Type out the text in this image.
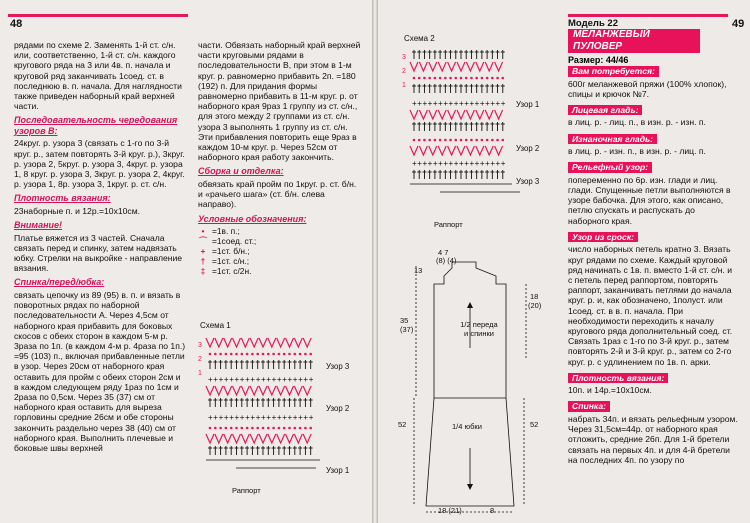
48

рядами по схеме 2. Заменять 1-й ст. с/н. или, соответственно, 1-й ст. с/н. каждого кругового ряда на 3 или 4в. п. начала и круговой ряд заканчивать 1соед. ст. в последнюю в. п. начала. Для наглядности также приведен наборный край верхней части.

Последовательность чередования узоров В:

24круг. р. узора 3 (связать с 1-го по 3-й круг. р., затем повторять 3-й круг. р.), 3круг. р. узора 2, 5круг. р. узора 3, 4круг. р. узора 1, 8 круг. р. узора 3, 3круг. р. узора 2, 4круг. р. узора 1, 8р. узора 3, 1круг. р. ст. с/н.

Плотность вязания:

23наборные п. и 12р.=10х10см.

Внимание!

Платье вяжется из 3 частей. Сначала связать перед и спинку, затем надвязать юбку. Стрелки на выкройке - направление вязания.

Спинка/перед/юбка:

связать цепочку из 89 (95) в. п. и вязать в поворотных рядах по наборной последовательности А. Через 4,5см от наборного края прибавить для боковых скосов с обеих сторон в каждом 5-м р. 3раза по 1п. (в каждом 4-м р. 4раза по 1п.) =95 (103) п., включая прибавленные петли в узор. Через 20см от наборного края оставить для пройм с обеих сторон 2см и в каждом следующем ряду 1раз по 1см и 2раза по 0,5см. Через 35 (37) см от наборного края оставить для выреза горловины средние 26см и обе стороны закончить раздельно через 38 (40) см от наборного края. Выполнить плечевые и боковые швы верхней

части. Обвязать наборный край верхней части круговыми рядами в последовательности В, при этом в 1-м круг. р. равномерно прибавить 2п. =180 (192) п. Для придания формы равномерно прибавить в 11-м круг. р. от наборного края 9раз 1 группу из ст. с/н., для этого между 2 группами из ст. с/н. узора 3 выполнять 1 группу из ст. с/н. Эти прибавления повторить еще 9раз в каждом 10-м круг. р. Через 52см от наборного края работу закончить.

Сборка и отделка:

обвязать край пройм по 1круг. р. ст. б/н. и «рачьего шага» (ст. б/н. слева направо).

Условные обозначения:
• =1в. п.;
⌒ =1соед. ст.;
+ =1ст. б/н.;
† =1ст. с/н.;
‡ =1ст. с/2н.
Схема 1
+ + + + + + + + + + + + + + + + + + + +
+ + + + + + + + + + + + + + + + + + + +
3
2
1
Узор 3
Узор 2
Узор 1
Раппорт
49
Схема 2
+ + + + + + + + + + + + + + + + + +
+ + + + + + + + + + + + + + + + + +
3
2
1
Узор 1
Узор 2
Узор 3
Раппорт
4 7
(8) (4)
13
35
(37)
18
(20)
1/2 переда и спинки
1/4 юбки
52	52
18 (21)	8
Модель 22
МЕЛАНЖЕВЫЙ ПУЛОВЕР
Размер: 44/46
Вам потребуется:

600г меланжевой пряжи (100% хлопок), спицы и крючок №7.

Лицевая гладь:

в лиц. р. - лиц. п., в изн. р. - изн. п.

Изнаночная гладь:

в лиц. р. - изн. п., в изн. р. - лиц. п.

Рельефный узор:

попеременно по 6р. изн. глади и лиц. глади. Спущенные петли выполняются в узоре бабочка. Для этого, как описано, петлю спускать и распускать до наборного края.

Узор из сроск:

число наборных петель кратно 3. Вязать круг рядами по схеме. Каждый круговой ряд начинать с 1в. п. вместо 1-й ст. с/н. и с петель перед раппортом, повторять раппорт, заканчивать петлями до начала круг. р. и, как обозначено, 1полуст. или 1соед. ст. в в. п. начала. При необходимости переходить к началу кругового ряда дополнительный соед. ст. Связать 1раз с 1-го по 3-й круг. р., затем повторять 2-й и 3-й круг. р., затем со 2-го круг. р. с удлинением по 1в. п. арки.

Плотность вязания:

10п. и 14р.=10х10см.

Спинка:

набрать 34п. и вязать рельефным узором. Через 31,5см=44р. от наборного края отложить, средние 26п. Для 1-й бретели связать на первых 4п. и для 4-й бретели на последних 4п. по узору по
